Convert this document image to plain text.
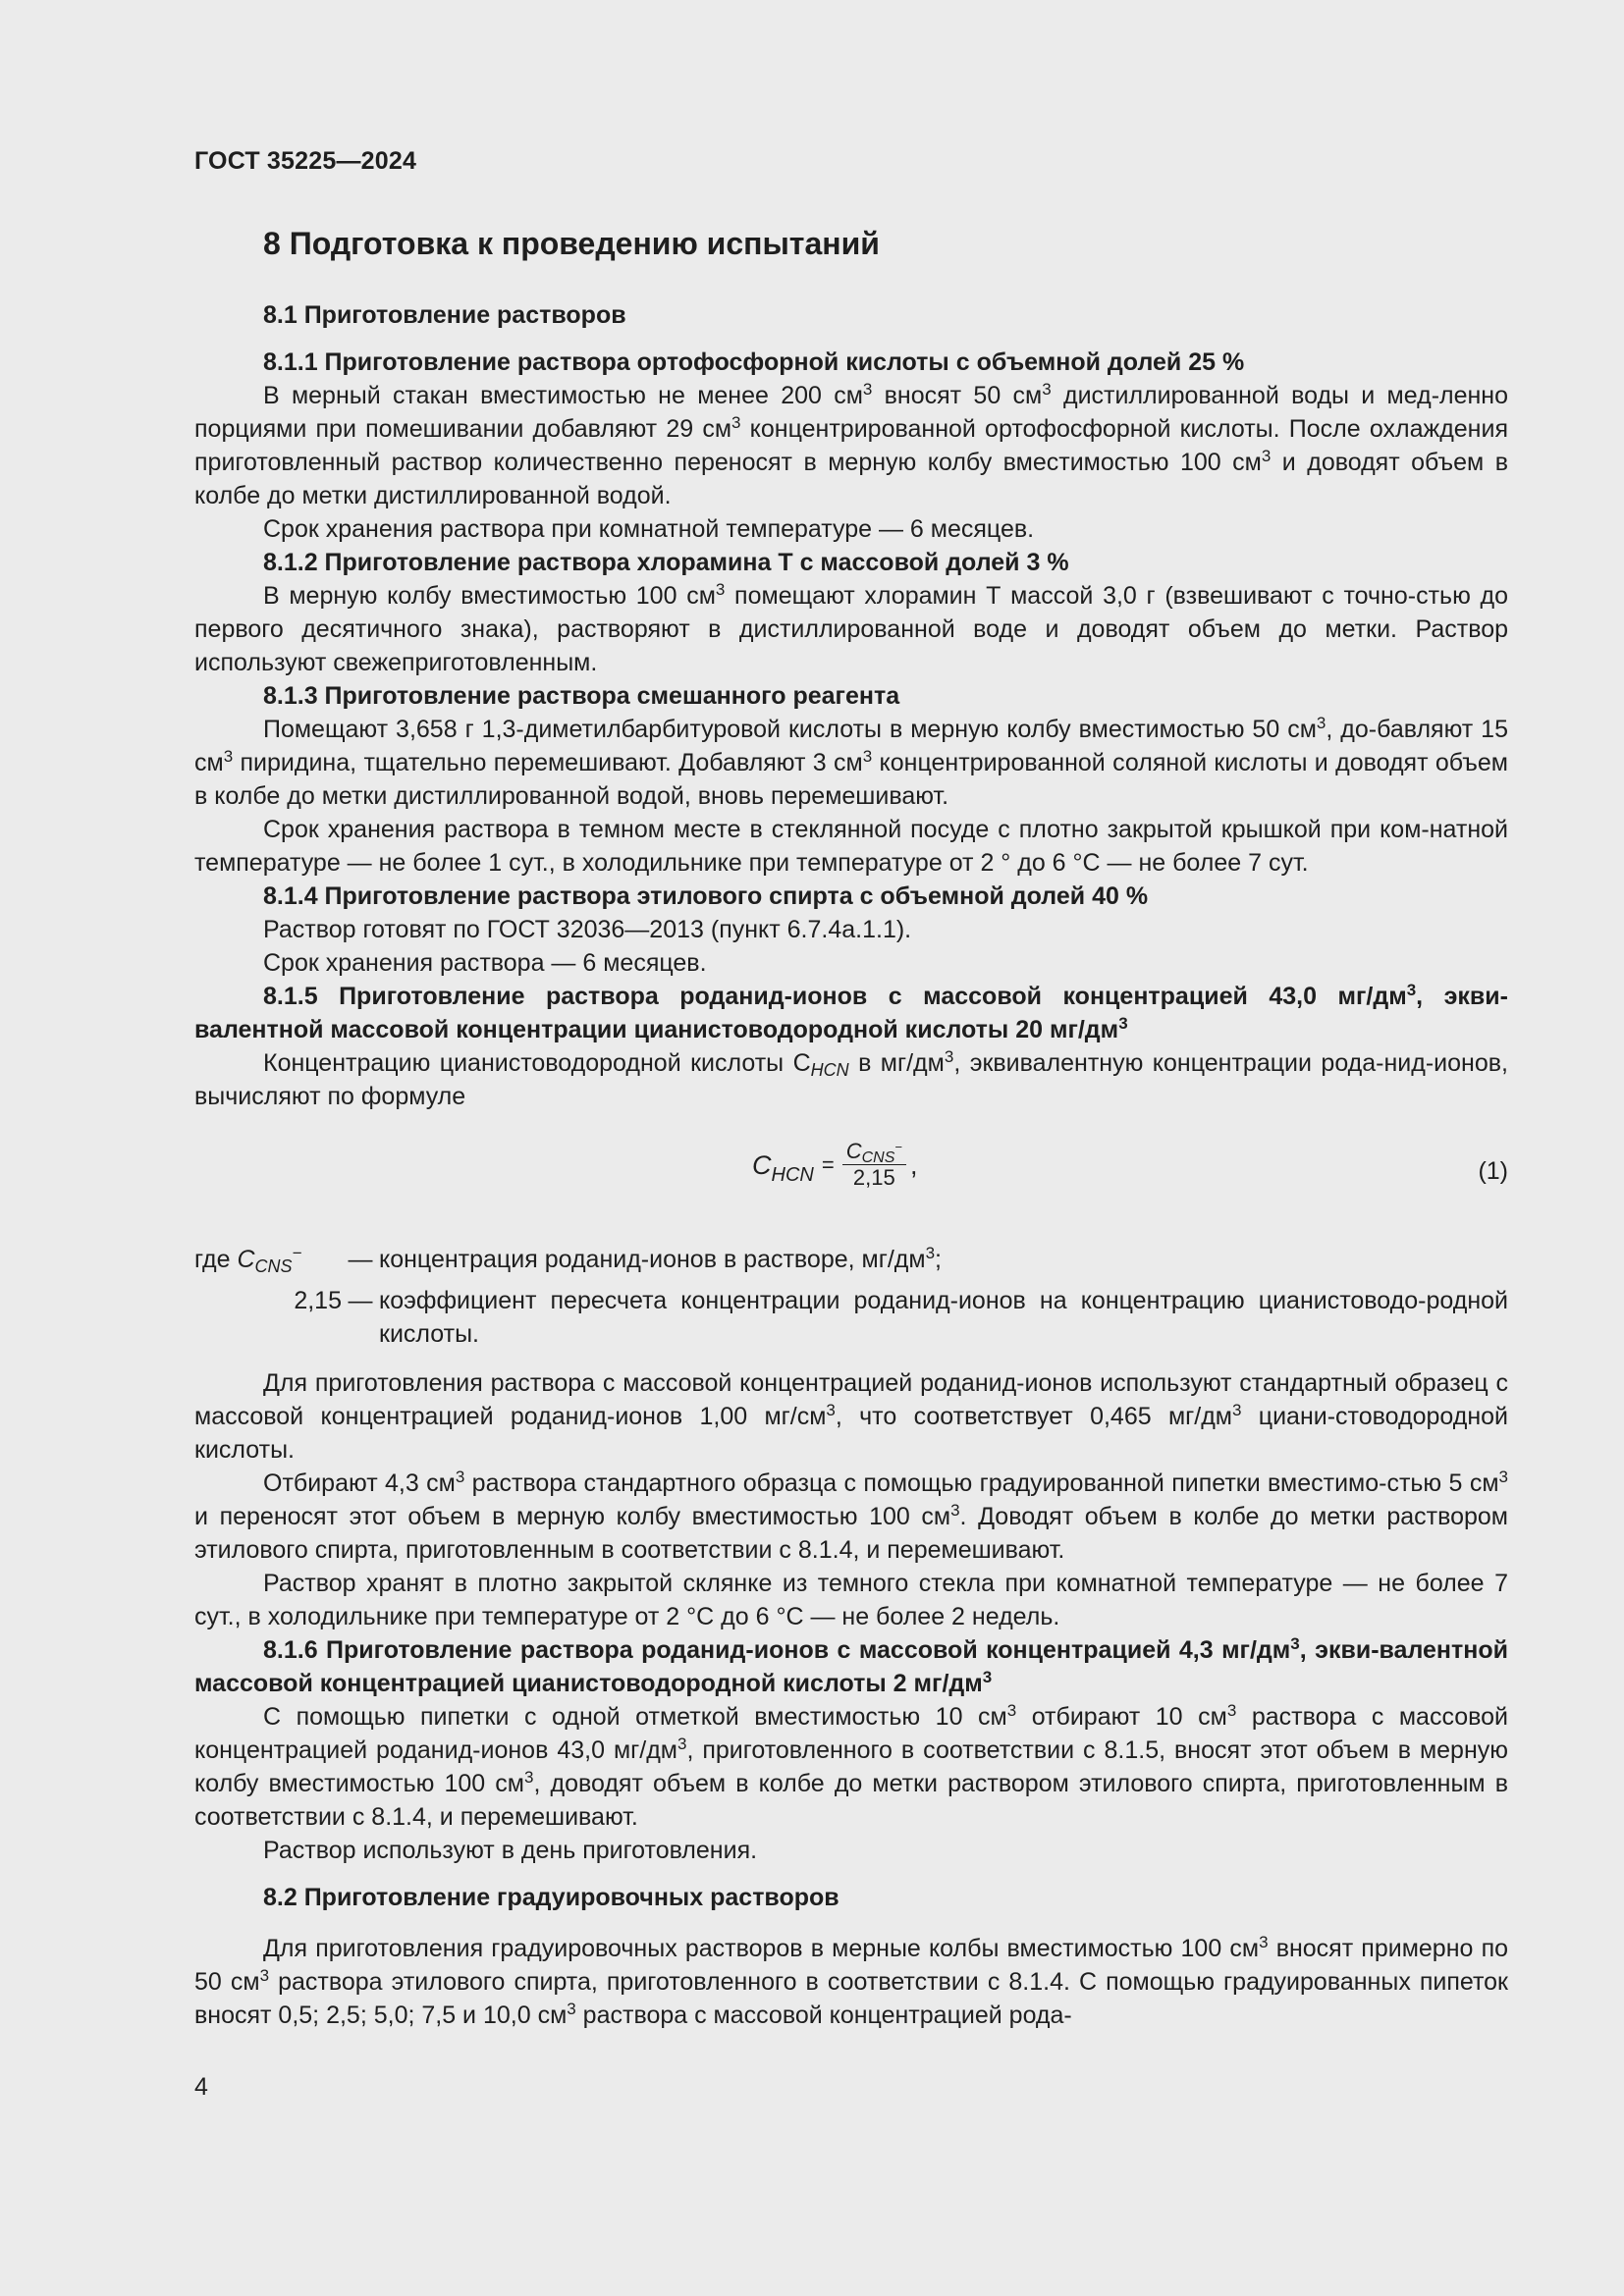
ГОСТ 35225—2024
8 Подготовка к проведению испытаний
8.1 Приготовление растворов
8.1.1 Приготовление раствора ортофосфорной кислоты с объемной долей 25 %

В мерный стакан вместимостью не менее 200 $см^3$ вносят 50 $см^3$ дистиллированной воды и мед-ленно порциями при помешивании добавляют 29 $см^3$ концентрированной ортофосфорной кислоты. После охлаждения приготовленный раствор количественно переносят в мерную колбу вместимостью 100 $см^3$ и доводят объем в колбе до метки дистиллированной водой.

Срок хранения раствора при комнатной температуре — 6 месяцев.

8.1.2 Приготовление раствора хлорамина Т с массовой долей 3 %

В мерную колбу вместимостью 100 $см^3$ помещают хлорамин Т массой 3,0 г (взвешивают с точно-стью до первого десятичного знака), растворяют в дистиллированной воде и доводят объем до метки. Раствор используют свежеприготовленным.

8.1.3 Приготовление раствора смешанного реагента

Помещают 3,658 г 1,3-диметилбарбитуровой кислоты в мерную колбу вместимостью 50 $см^3$, до-бавляют 15 $см^3$ пиридина, тщательно перемешивают. Добавляют 3 $см^3$ концентрированной соляной кислоты и доводят объем в колбе до метки дистиллированной водой, вновь перемешивают.

Срок хранения раствора в темном месте в стеклянной посуде с плотно закрытой крышкой при ком-натной температуре — не более 1 сут., в холодильнике при температуре от 2 ° до 6 °С — не более 7 сут.

8.1.4 Приготовление раствора этилового спирта с объемной долей 40 %

Раствор готовят по ГОСТ 32036—2013 (пункт 6.7.4а.1.1).

Срок хранения раствора — 6 месяцев.

8.1.5 Приготовление раствора роданид-ионов с массовой концентрацией 43,0 $мг/дм^3$, экви-валентной массовой концентрации цианистоводородной кислоты 20 $мг/дм^3$

Концентрацию цианистоводородной кислоты $С_{HCN}$ в $мг/дм^3$, эквивалентную концентрации рода-нид-ионов, вычисляют по формуле

$С_{HCN} = \frac{С_{CNS}^-}{2,15}$ ,	(1)
где $С_{CNS}^-$	— концентрация роданид-ионов в растворе, $мг/дм^3$;
2,15 — коэффициент пересчета концентрации роданид-ионов на концентрацию цианистоводо-родной кислоты.

Для приготовления раствора с массовой концентрацией роданид-ионов используют стандартный образец с массовой концентрацией роданид-ионов 1,00 $мг/см^3$, что соответствует 0,465 $мг/дм^3$ циани-стоводородной кислоты.

Отбирают 4,3 $см^3$ раствора стандартного образца с помощью градуированной пипетки вместимо-стью 5 $см^3$ и переносят этот объем в мерную колбу вместимостью 100 $см^3$. Доводят объем в колбе до метки раствором этилового спирта, приготовленным в соответствии с 8.1.4, и перемешивают.

Раствор хранят в плотно закрытой склянке из темного стекла при комнатной температуре — не более 7 сут., в холодильнике при температуре от 2 °С до 6 °С — не более 2 недель.

8.1.6 Приготовление раствора роданид-ионов с массовой концентрацией 4,3 $мг/дм^3$, экви-валентной массовой концентрацией цианистоводородной кислоты 2 $мг/дм^3$

С помощью пипетки с одной отметкой вместимостью 10 $см^3$ отбирают 10 $см^3$ раствора с массовой концентрацией роданид-ионов 43,0 $мг/дм^3$, приготовленного в соответствии с 8.1.5, вносят этот объем в мерную колбу вместимостью 100 $см^3$, доводят объем в колбе до метки раствором этилового спирта, приготовленным в соответствии с 8.1.4, и перемешивают.

Раствор используют в день приготовления.

8.2 Приготовление градуировочных растворов

Для приготовления градуировочных растворов в мерные колбы вместимостью 100 $см^3$ вносят примерно по 50 $см^3$ раствора этилового спирта, приготовленного в соответствии с 8.1.4. С помощью градуированных пипеток вносят 0,5; 2,5; 5,0; 7,5 и 10,0 $см^3$ раствора с массовой концентрацией рода-

4
